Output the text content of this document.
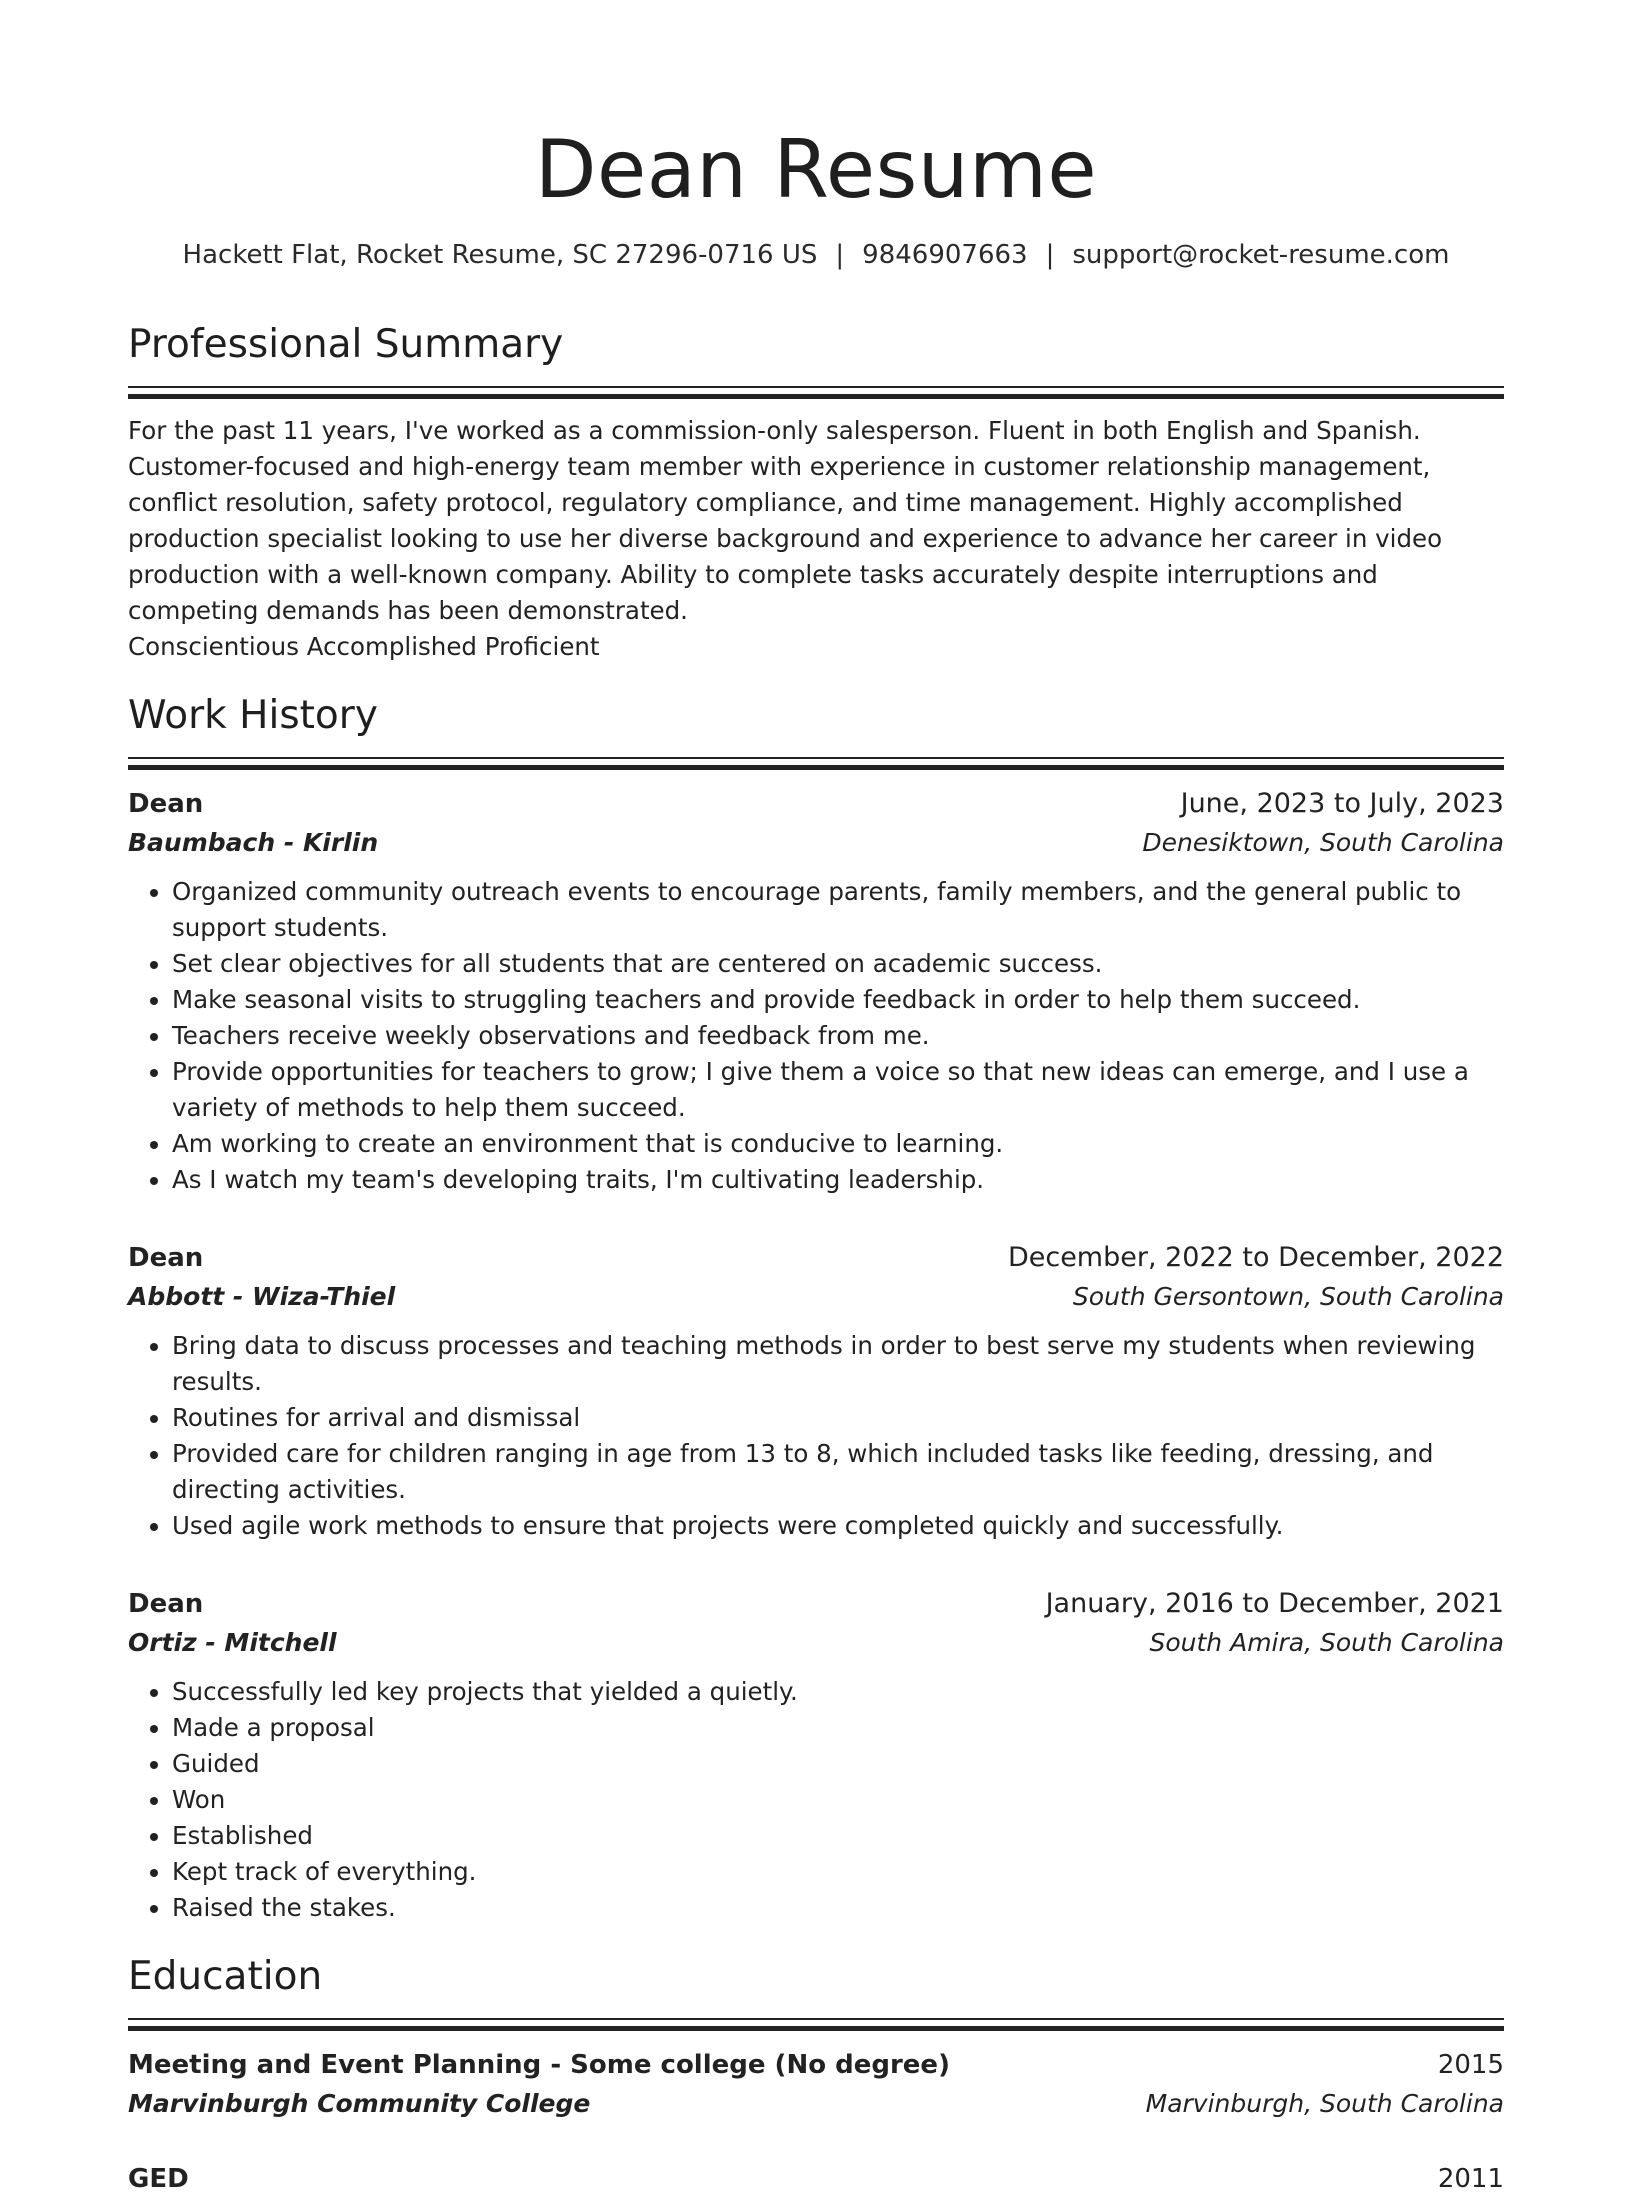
Dean Resume
Hackett Flat, Rocket Resume, SC 27296-0716 US | 9846907663 | support@rocket-resume.com
Professional Summary

For the past 11 years, I've worked as a commission-only salesperson. Fluent in both English and Spanish. Customer-focused and high-energy team member with experience in customer relationship management, conflict resolution, safety protocol, regulatory compliance, and time management. Highly accomplished production specialist looking to use her diverse background and experience to advance her career in video production with a well-known company. Ability to complete tasks accurately despite interruptions and competing demands has been demonstrated.

Conscientious Accomplished Proficient

Work History
Dean	June, 2023 to July, 2023
Baumbach - Kirlin	Denesiktown, South Carolina
• Organized community outreach events to encourage parents, family members, and the general public to support students.
• Set clear objectives for all students that are centered on academic success.
• Make seasonal visits to struggling teachers and provide feedback in order to help them succeed.
• Teachers receive weekly observations and feedback from me.
• Provide opportunities for teachers to grow; I give them a voice so that new ideas can emerge, and I use a variety of methods to help them succeed.
• Am working to create an environment that is conducive to learning.
• As I watch my team's developing traits, I'm cultivating leadership.
Dean	December, 2022 to December, 2022
Abbott - Wiza-Thiel	South Gersontown, South Carolina
• Bring data to discuss processes and teaching methods in order to best serve my students when reviewing results.
• Routines for arrival and dismissal
• Provided care for children ranging in age from 13 to 8, which included tasks like feeding, dressing, and directing activities.
• Used agile work methods to ensure that projects were completed quickly and successfully.
Dean	January, 2016 to December, 2021
Ortiz - Mitchell	South Amira, South Carolina
• Successfully led key projects that yielded a quietly.
• Made a proposal
• Guided
• Won
• Established
• Kept track of everything.
• Raised the stakes.
Education
Meeting and Event Planning - Some college (No degree)	2015
Marvinburgh Community College	Marvinburgh, South Carolina
GED	2011
